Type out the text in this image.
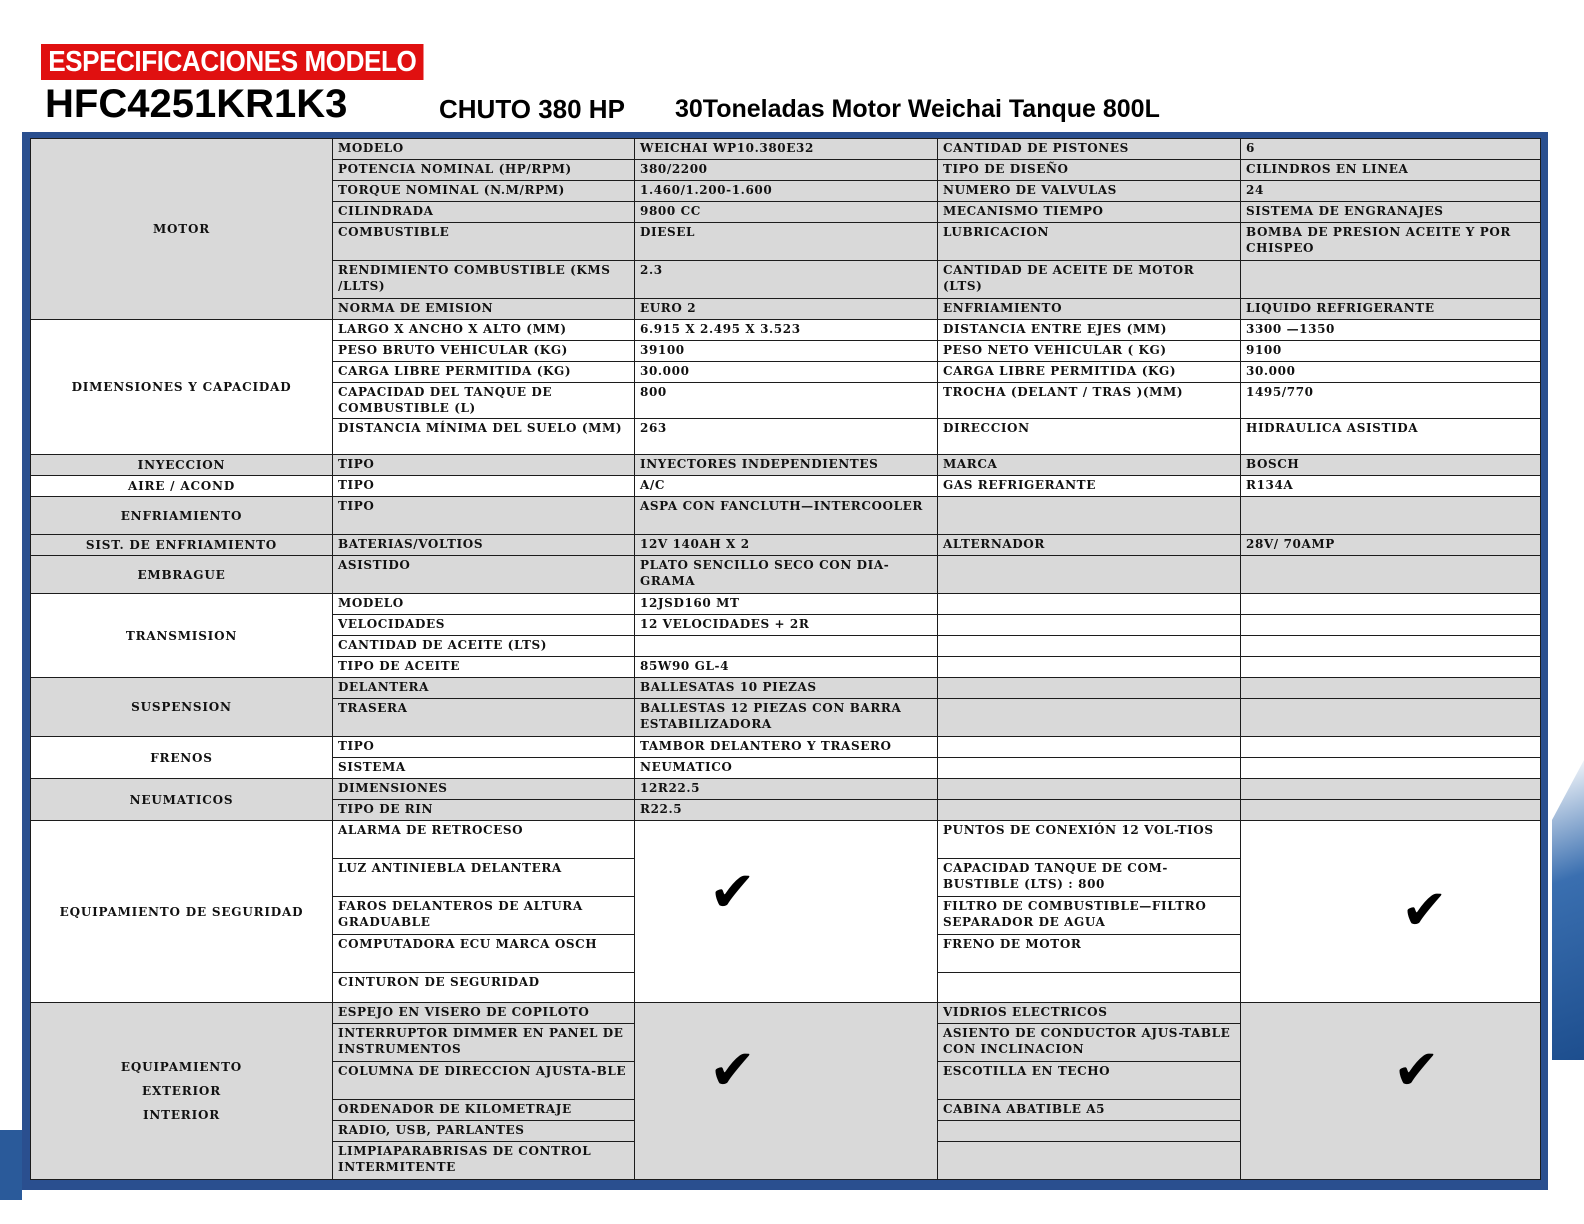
ESPECIFICACIONES MODELO
HFC4251KR1K3	CHUTO 380 HP 30Toneladas Motor Weichai Tanque 800L
MOTOR	MODELO	WEICHAI WP10.380E32	CANTIDAD DE PISTONES	6
	POTENCIA NOMINAL (HP/RPM)	380/2200	TIPO DE DISEÑO	CILINDROS EN LINEA
	TORQUE NOMINAL (N.M/RPM)	1.460/1.200-1.600	NUMERO DE VALVULAS	24
	CILINDRADA	9800 CC	MECANISMO TIEMPO	SISTEMA DE ENGRANAJES
	COMBUSTIBLE	DIESEL	LUBRICACION	BOMBA DE PRESION ACEITE Y POR CHISPEO
	RENDIMIENTO COMBUSTIBLE (KMS /LLTS)	2.3	CANTIDAD DE ACEITE DE MOTOR (LTS)	
	NORMA DE EMISION	EURO 2	ENFRIAMIENTO	LIQUIDO REFRIGERANTE
DIMENSIONES Y CAPACIDAD	LARGO X ANCHO X ALTO (MM)	6.915 X 2.495 X 3.523	DISTANCIA ENTRE EJES (MM)	3300 —1350
	PESO BRUTO VEHICULAR (KG)	39100	PESO NETO VEHICULAR ( KG)	9100
	CARGA LIBRE PERMITIDA (KG)	30.000	CARGA LIBRE PERMITIDA (KG)	30.000
	CAPACIDAD DEL TANQUE DE COMBUSTIBLE (L)	800	TROCHA (DELANT / TRAS )(MM)	1495/770
	DISTANCIA MÍNIMA DEL SUELO (MM)	263	DIRECCION	HIDRAULICA ASISTIDA
INYECCION	TIPO	INYECTORES INDEPENDIENTES	MARCA	BOSCH
AIRE / ACOND	TIPO	A/C	GAS REFRIGERANTE	R134A
ENFRIAMIENTO	TIPO	ASPA CON FANCLUTH—INTERCOOLER		
SIST. DE ENFRIAMIENTO	BATERIAS/VOLTIOS	12V 140AH X 2	ALTERNADOR	28V/ 70AMP
EMBRAGUE	ASISTIDO	PLATO SENCILLO SECO CON DIA-GRAMA		
TRANSMISION	MODELO	12JSD160 MT		
	VELOCIDADES	12 VELOCIDADES + 2R		
	CANTIDAD DE ACEITE (LTS)			
	TIPO DE ACEITE	85W90 GL-4		
SUSPENSION	DELANTERA	BALLESATAS 10 PIEZAS		
	TRASERA	BALLESTAS 12 PIEZAS CON BARRA ESTABILIZADORA		
FRENOS	TIPO	TAMBOR DELANTERO Y TRASERO		
	SISTEMA	NEUMATICO		
NEUMATICOS	DIMENSIONES	12R22.5		
	TIPO DE RIN	R22.5		
EQUIPAMIENTO DE SEGURIDAD	ALARMA DE RETROCESO	✔	PUNTOS DE CONEXIÓN 12 VOL-TIOS	✔

	LUZ ANTINIEBLA DELANTERA		CAPACIDAD TANQUE DE COM-BUSTIBLE (LTS) : 800	
	FAROS DELANTEROS DE ALTURA GRADUABLE		FILTRO DE COMBUSTIBLE—FILTRO SEPARADOR DE AGUA	
	COMPUTADORA ECU MARCA OSCH		FRENO DE MOTOR	
	CINTURON DE SEGURIDAD			

EQUIPAMIENTO
EXTERIOR
INTERIOR	ESPEJO EN VISERO DE COPILOTO	✔	VIDRIOS ELECTRICOS	✔

	INTERRUPTOR DIMMER EN PANEL DE INSTRUMENTOS		ASIENTO DE CONDUCTOR AJUS-TABLE CON INCLINACION	
	COLUMNA DE DIRECCION AJUSTA-BLE		ESCOTILLA EN TECHO	
	ORDENADOR DE KILOMETRAJE		CABINA ABATIBLE A5	
	RADIO, USB, PARLANTES			
	LIMPIAPARABRISAS DE CONTROL INTERMITENTE			
